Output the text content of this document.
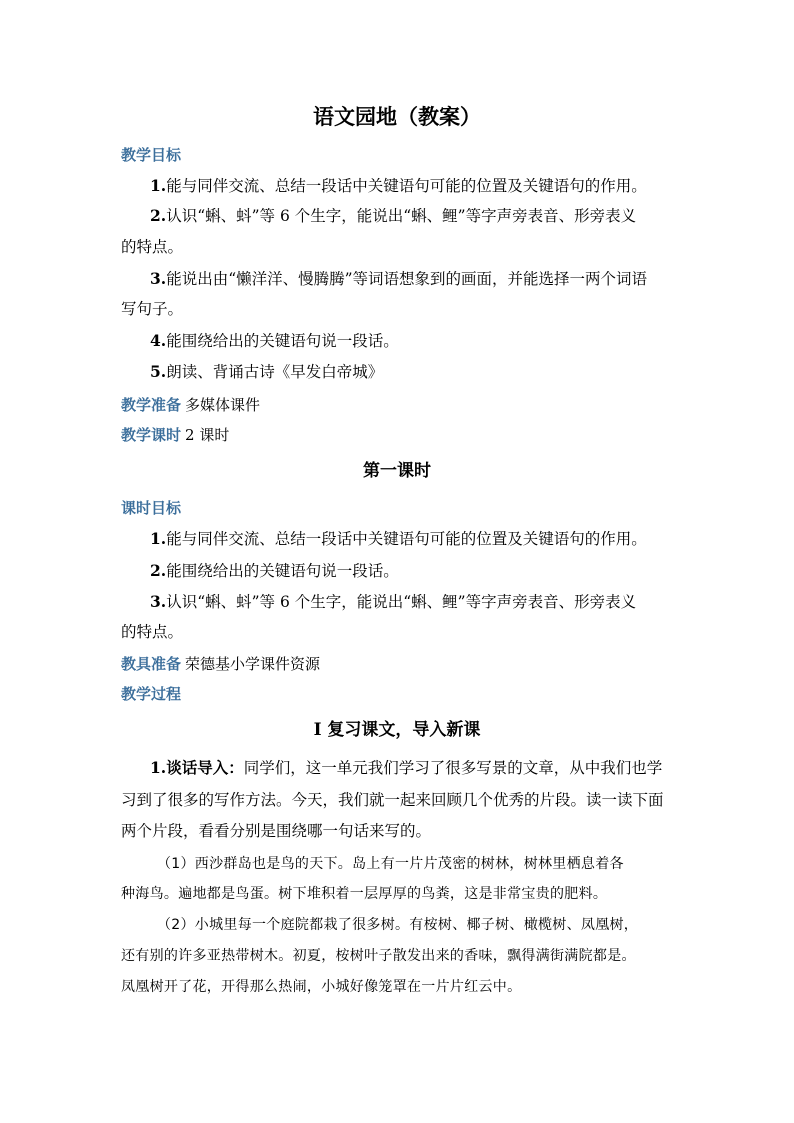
语文园地（教案）
教学目标
1.能与同伴交流、总结一段话中关键语句可能的位置及关键语句的作用。
2.认识“蝌、蚪”等 6 个生字，能说出“蝌、鲤”等字声旁表音、形旁表义
的特点。
3.能说出由“懒洋洋、慢腾腾”等词语想象到的画面，并能选择一两个词语
写句子。
4.能围绕给出的关键语句说一段话。
5.朗读、背诵古诗《早发白帝城》
教学准备 多媒体课件
教学课时 2 课时
第一课时
课时目标
1.能与同伴交流、总结一段话中关键语句可能的位置及关键语句的作用。
2.能围绕给出的关键语句说一段话。
3.认识“蝌、蚪”等 6 个生字，能说出“蝌、鲤”等字声旁表音、形旁表义
的特点。
教具准备 荣德基小学课件资源
教学过程
Ⅰ 复习课文，导入新课
1.谈话导入：同学们，这一单元我们学习了很多写景的文章，从中我们也学
习到了很多的写作方法。今天，我们就一起来回顾几个优秀的片段。读一读下面
两个片段，看看分别是围绕哪一句话来写的。
（1）西沙群岛也是鸟的天下。岛上有一片片茂密的树林，树林里栖息着各
种海鸟。遍地都是鸟蛋。树下堆积着一层厚厚的鸟粪，这是非常宝贵的肥料。
（2）小城里每一个庭院都栽了很多树。有桉树、椰子树、橄榄树、凤凰树，
还有别的许多亚热带树木。初夏，桉树叶子散发出来的香味，飘得满街满院都是。
凤凰树开了花，开得那么热闹，小城好像笼罩在一片片红云中。
